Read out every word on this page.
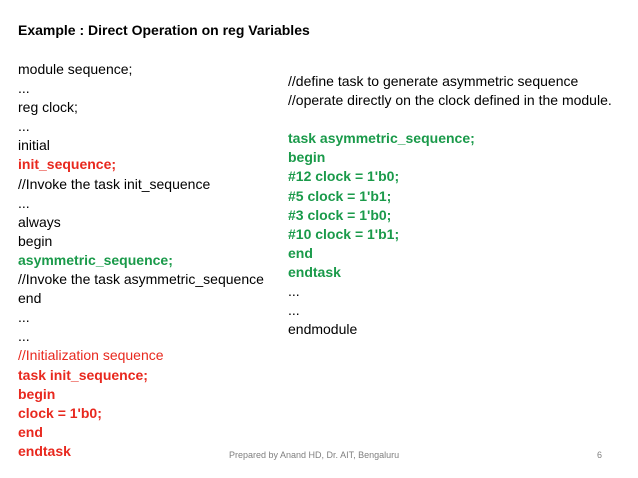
Example : Direct Operation on reg Variables
module sequence;
...
reg clock;
...
initial
init_sequence;
//Invoke the task init_sequence
...
always
begin
asymmetric_sequence;
//Invoke the task asymmetric_sequence
end
...
...
//Initialization sequence
task init_sequence;
begin
clock = 1'b0;
end
endtask
//define task to generate asymmetric sequence
//operate directly on the clock defined in the module.
task asymmetric_sequence;
begin
#12 clock = 1'b0;
#5 clock = 1'b1;
#3 clock = 1'b0;
#10 clock = 1'b1;
end
endtask
...
...
endmodule
Prepared by Anand HD, Dr. AIT, Bengaluru	6
